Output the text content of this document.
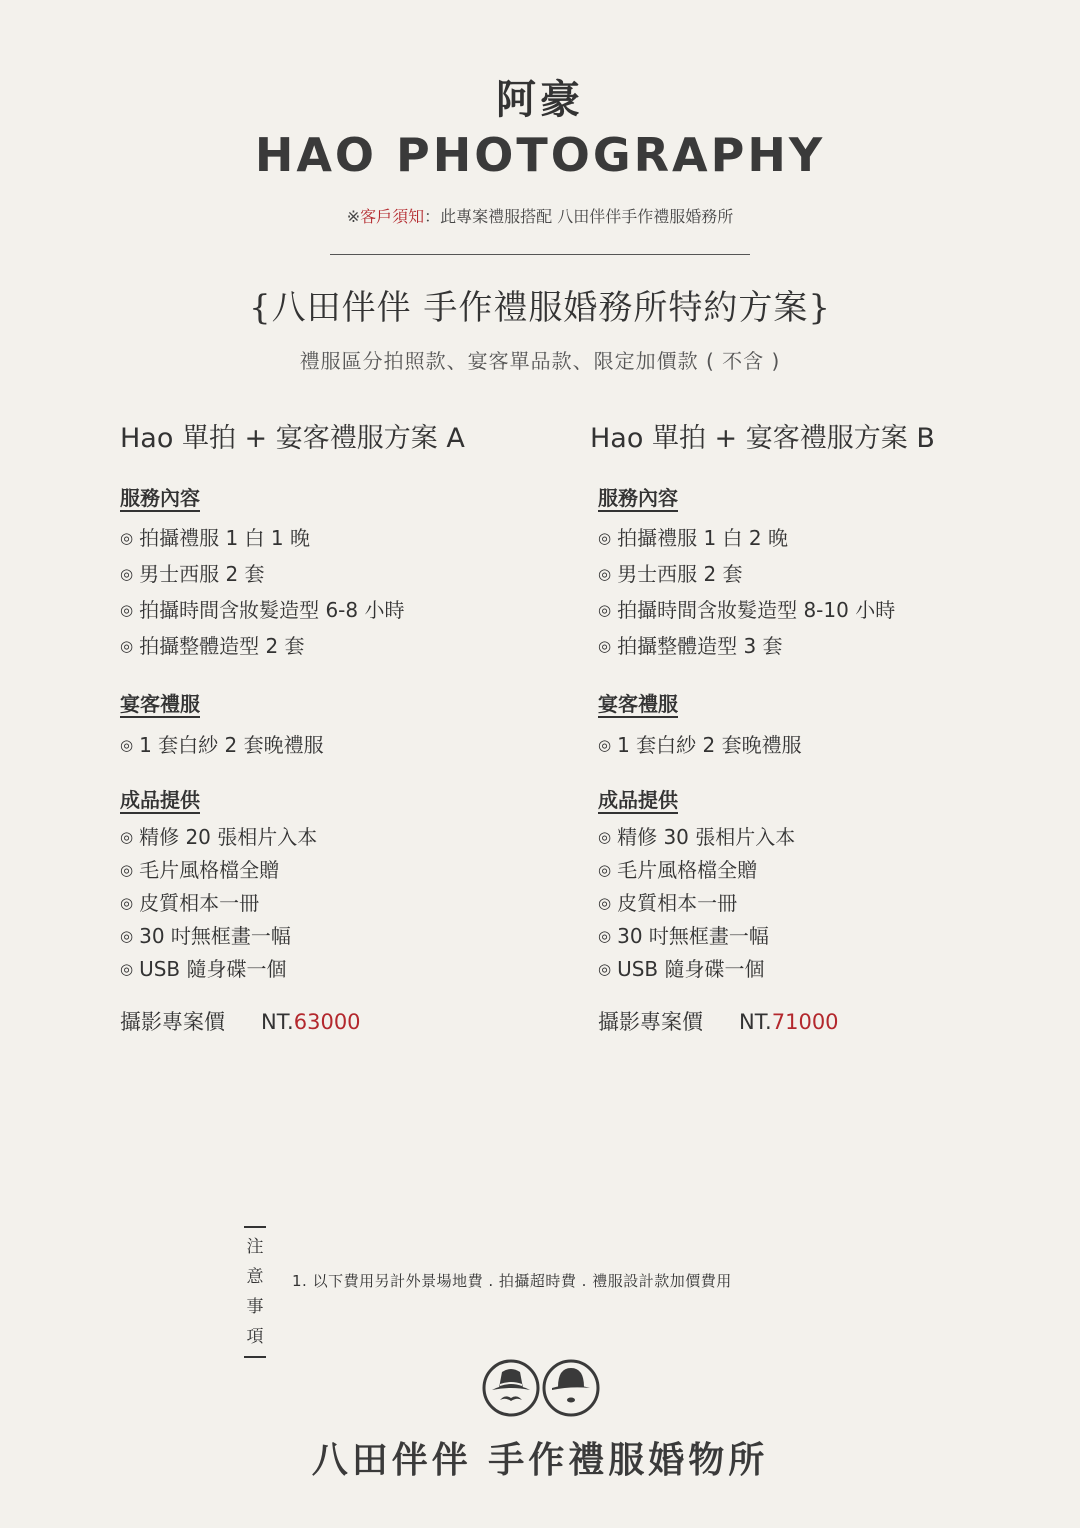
阿豪
HAO PHOTOGRAPHY
※客戶須知：此專案禮服搭配 八田伴伴手作禮服婚務所
{八田伴伴 手作禮服婚務所特約方案}
禮服區分拍照款、宴客單品款、限定加價款 ( 不含 )
Hao 單拍 + 宴客禮服方案 A
服務內容
◎ 拍攝禮服 1 白 1 晚
◎ 男士西服 2 套
◎ 拍攝時間含妝髮造型 6-8 小時
◎ 拍攝整體造型 2 套
宴客禮服
◎ 1 套白紗 2 套晚禮服
成品提供
◎ 精修 20 張相片入本
◎ 毛片風格檔全贈
◎ 皮質相本一冊
◎ 30 吋無框畫一幅
◎ USB 隨身碟一個
攝影專案價 NT.63000
Hao 單拍 + 宴客禮服方案 B
服務內容
◎ 拍攝禮服 1 白 2 晚
◎ 男士西服 2 套
◎ 拍攝時間含妝髮造型 8-10 小時
◎ 拍攝整體造型 3 套
宴客禮服
◎ 1 套白紗 2 套晚禮服
成品提供
◎ 精修 30 張相片入本
◎ 毛片風格檔全贈
◎ 皮質相本一冊
◎ 30 吋無框畫一幅
◎ USB 隨身碟一個
攝影專案價 NT.71000
注
意
事
項
1. 以下費用另計外景場地費 . 拍攝超時費 . 禮服設計款加價費用
八田伴伴 手作禮服婚物所
